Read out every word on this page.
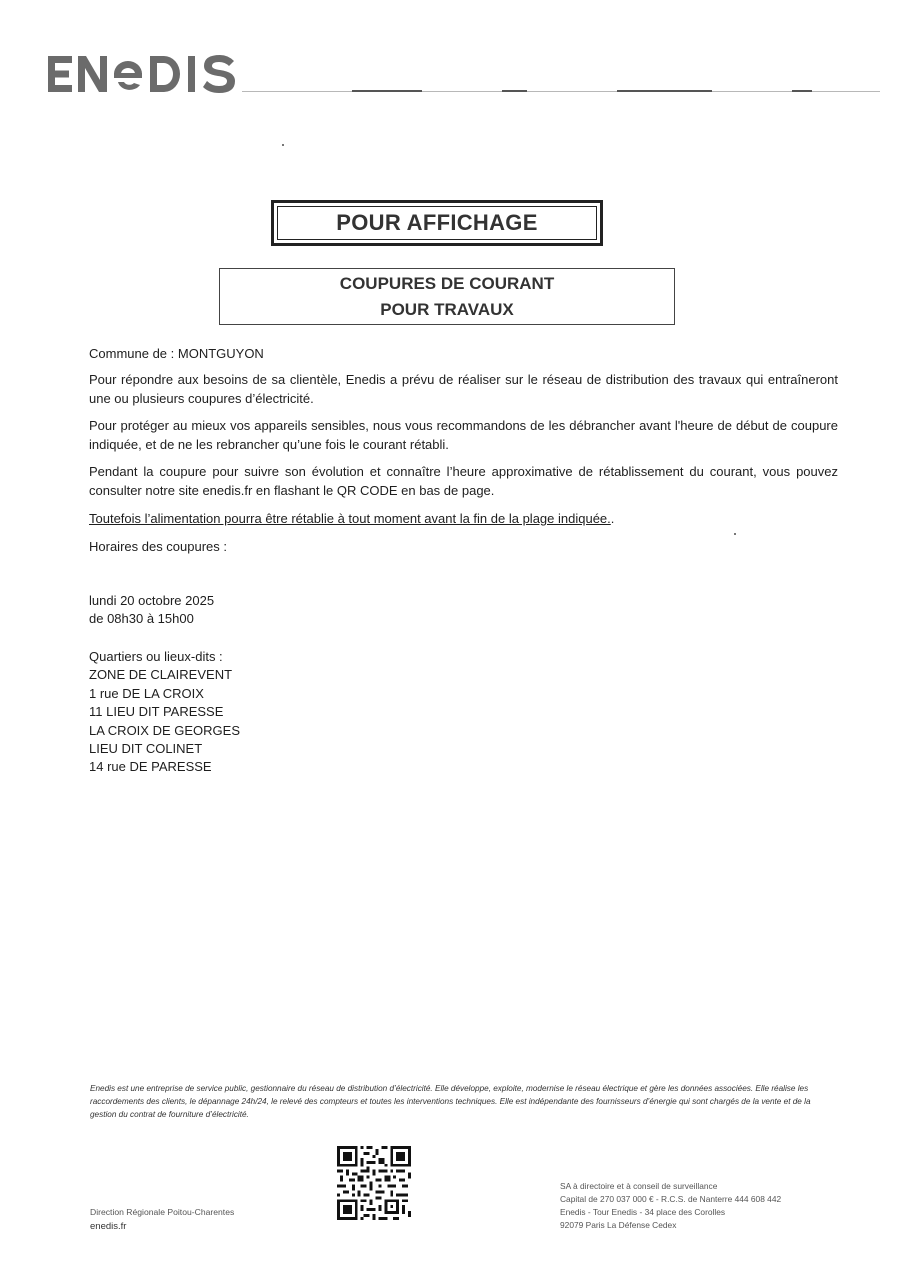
POUR AFFICHAGE
COUPURES DE COURANT
POUR TRAVAUX
Commune de : MONTGUYON
Pour répondre aux besoins de sa clientèle, Enedis a prévu de réaliser sur le réseau de distribution des travaux qui entraîneront une ou plusieurs coupures d’électricité.
Pour protéger au mieux vos appareils sensibles, nous vous recommandons de les débrancher avant l'heure de début de coupure indiquée, et de ne les rebrancher qu’une fois le courant rétabli.
Pendant la coupure pour suivre son évolution et connaître l’heure approximative de rétablissement du courant, vous pouvez consulter notre site enedis.fr en flashant le QR CODE en bas de page.
Toutefois l’alimentation pourra être rétablie à tout moment avant la fin de la plage indiquée..
Horaires des coupures :
lundi 20 octobre 2025
de 08h30 à 15h00
Quartiers ou lieux-dits :
ZONE DE CLAIREVENT
1 rue DE LA CROIX
11 LIEU DIT PARESSE
LA CROIX DE GEORGES
LIEU DIT COLINET
14 rue DE PARESSE
Enedis est une entreprise de service public, gestionnaire du réseau de distribution d’électricité. Elle développe, exploite, modernise le réseau électrique et gère les données associées. Elle réalise les raccordements des clients, le dépannage 24h/24, le relevé des compteurs et toutes les interventions techniques. Elle est indépendante des fournisseurs d’énergie qui sont chargés de la vente et de la gestion du contrat de fourniture d’électricité.
Direction Régionale Poitou-Charentes
enedis.fr
SA à directoire et à conseil de surveillance
Capital de 270 037 000 € - R.C.S. de Nanterre 444 608 442
Enedis - Tour Enedis - 34 place des Corolles
92079 Paris La Défense Cedex
